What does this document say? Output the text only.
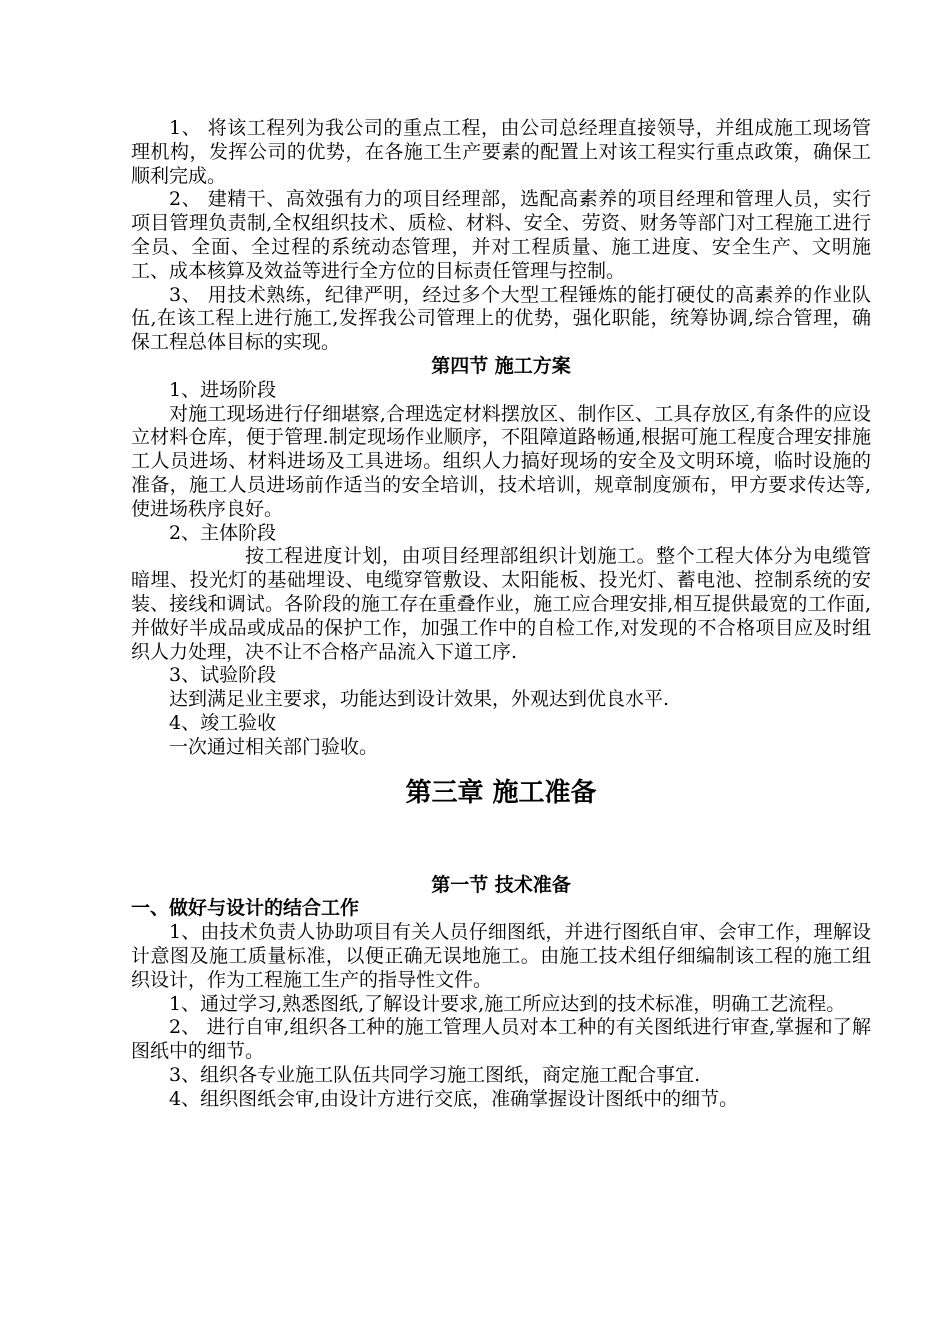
1、 将该工程列为我公司的重点工程，由公司总经理直接领导，并组成施工现场管理机构，发挥公司的优势，在各施工生产要素的配置上对该工程实行重点政策，确保工顺利完成。

2、 建精干、高效强有力的项目经理部，选配高素养的项目经理和管理人员，实行项目管理负责制,全权组织技术、质检、材料、安全、劳资、财务等部门对工程施工进行全员、全面、全过程的系统动态管理，并对工程质量、施工进度、安全生产、文明施工、成本核算及效益等进行全方位的目标责任管理与控制。

3、 用技术熟练，纪律严明，经过多个大型工程锤炼的能打硬仗的高素养的作业队伍,在该工程上进行施工,发挥我公司管理上的优势，强化职能，统筹协调,综合管理，确保工程总体目标的实现。

第四节 施工方案

1、进场阶段

对施工现场进行仔细堪察,合理选定材料摆放区、制作区、工具存放区,有条件的应设立材料仓库，便于管理.制定现场作业顺序，不阻障道路畅通,根据可施工程度合理安排施工人员进场、材料进场及工具进场。组织人力搞好现场的安全及文明环境，临时设施的准备，施工人员进场前作适当的安全培训，技术培训，规章制度颁布，甲方要求传达等,使进场秩序良好。

2、主体阶段

按工程进度计划，由项目经理部组织计划施工。整个工程大体分为电缆管暗埋、投光灯的基础埋设、电缆穿管敷设、太阳能板、投光灯、蓄电池、控制系统的安装、接线和调试。各阶段的施工存在重叠作业，施工应合理安排,相互提供最宽的工作面,并做好半成品或成品的保护工作，加强工作中的自检工作,对发现的不合格项目应及时组织人力处理，决不让不合格产品流入下道工序.

3、试验阶段

达到满足业主要求，功能达到设计效果，外观达到优良水平.

4、竣工验收

一次通过相关部门验收。

第三章 施工准备

第一节 技术准备

一、做好与设计的结合工作

1、由技术负责人协助项目有关人员仔细图纸，并进行图纸自审、会审工作，理解设计意图及施工质量标准，以便正确无误地施工。由施工技术组仔细编制该工程的施工组织设计，作为工程施工生产的指导性文件。

1、通过学习,熟悉图纸,了解设计要求,施工所应达到的技术标准，明确工艺流程。

2、 进行自审,组织各工种的施工管理人员对本工种的有关图纸进行审查,掌握和了解图纸中的细节。

3、组织各专业施工队伍共同学习施工图纸，商定施工配合事宜.

4、组织图纸会审,由设计方进行交底，准确掌握设计图纸中的细节。
